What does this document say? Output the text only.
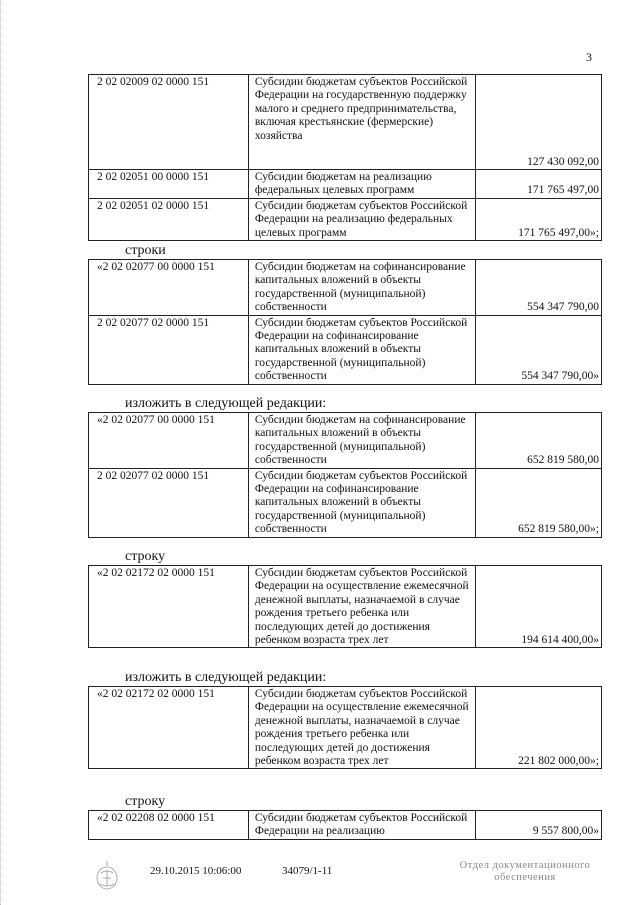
3
2 02 02009 02 0000 151	Субсидии бюджетам субъектов Российской Федерации на государственную поддержку малого и среднего предпринимательства, включая крестьянские (фермерские) хозяйства	127 430 092,00
2 02 02051 00 0000 151	Субсидии бюджетам на реализацию федеральных целевых программ	171 765 497,00
2 02 02051 02 0000 151	Субсидии бюджетам субъектов Российской Федерации на реализацию федеральных целевых программ	171 765 497,00»;
строки
«2 02 02077 00 0000 151	Субсидии бюджетам на софинансирование капитальных вложений в объекты государственной (муниципальной) собственности	554 347 790,00
2 02 02077 02 0000 151	Субсидии бюджетам субъектов Российской Федерации на софинансирование капитальных вложений в объекты государственной (муниципальной) собственности	554 347 790,00»
изложить в следующей редакции:
«2 02 02077 00 0000 151	Субсидии бюджетам на софинансирование капитальных вложений в объекты государственной (муниципальной) собственности	652 819 580,00
2 02 02077 02 0000 151	Субсидии бюджетам субъектов Российской Федерации на софинансирование капитальных вложений в объекты государственной (муниципальной) собственности	652 819 580,00»;
строку
«2 02 02172 02 0000 151	Субсидии бюджетам субъектов Российской Федерации на осуществление ежемесячной денежной выплаты, назначаемой в случае рождения третьего ребенка или последующих детей до достижения ребенком возраста трех лет	194 614 400,00»
изложить в следующей редакции:
«2 02 02172 02 0000 151	Субсидии бюджетам субъектов Российской Федерации на осуществление ежемесячной денежной выплаты, назначаемой в случае рождения третьего ребенка или последующих детей до достижения ребенком возраста трех лет	221 802 000,00»;
строку
«2 02 02208 02 0000 151	Субсидии бюджетам субъектов Российской Федерации на реализацию	9 557 800,00»
29.10.2015 10:06:00	34079/1-11	Отдел документационного
обеспечения
